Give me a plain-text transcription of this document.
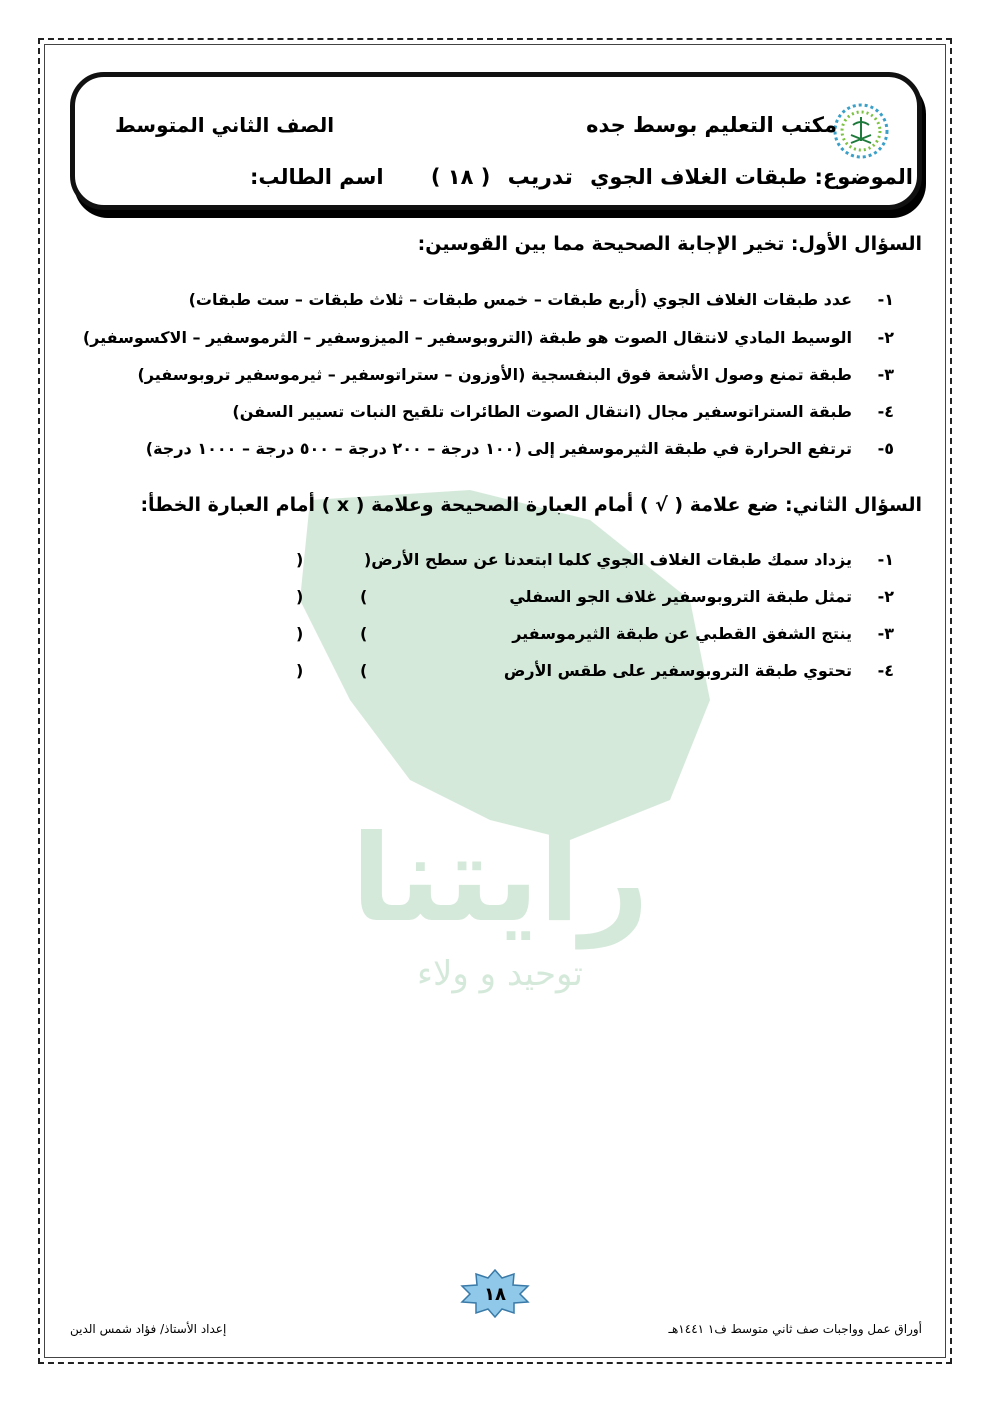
رايتنا
توحيد و ولاء
مكتب التعليم بوسط جده
الصف الثاني المتوسط
الموضوع: طبقات الغلاف الجوي تدريب ( ١٨ ) اسم الطالب:
السؤال الأول: تخير الإجابة الصحيحة مما بين القوسين:
١-عدد طبقات الغلاف الجوي (أربع طبقات – خمس طبقات – ثلاث طبقات – ست طبقات)
٢-الوسيط المادي لانتقال الصوت هو طبقة (التروبوسفير – الميزوسفير – الثرموسفير – الاكسوسفير)
٣-طبقة تمنع وصول الأشعة فوق البنفسجية (الأوزون – ستراتوسفير – ثيرموسفير تروبوسفير)
٤-طبقة الستراتوسفير مجال (انتقال الصوت الطائرات تلقيح النبات تسيير السفن)
٥-ترتفع الحرارة في طبقة الثيرموسفير إلى (١٠٠ درجة – ٢٠٠ درجة – ٥٠٠ درجة – ١٠٠٠ درجة)
السؤال الثاني: ضع علامة ( √ ) أمام العبارة الصحيحة وعلامة ( x ) أمام العبارة الخطأ:
١-يزداد سمك طبقات الغلاف الجوي كلما ابتعدنا عن سطح الأرض(
)
٢-تمثل طبقة التروبوسفير غلاف الجو السفلي
(
)
٣-ينتج الشفق القطبي عن طبقة الثيرموسفير
(
)
٤-تحتوي طبقة التروبوسفير على طقس الأرض
(
)
١٨
إعداد الأستاذ/ فؤاد شمس الدين	أوراق عمل وواجبات صف ثاني متوسط ف١ ١٤٤١هـ
